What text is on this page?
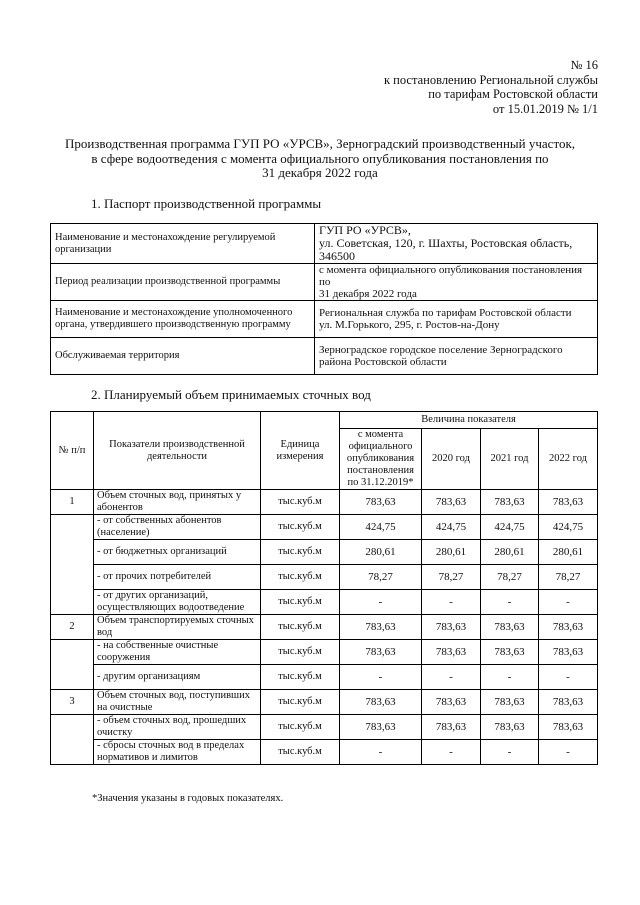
№ 16
к постановлению Региональной службы
по тарифам Ростовской области
от 15.01.2019 № 1/1
Производственная программа ГУП РО «УРСВ», Зерноградский производственный участок,
в сфере водоотведения с момента официального опубликования постановления по
31 декабря 2022 года
1. Паспорт производственной программы
Наименование и местонахождение регулируемой организации	ГУП РО «УРСВ»,
ул. Советская, 120, г. Шахты, Ростовская область,
346500

Период реализации производственной программы	с момента официального опубликования постановления по
31 декабря 2022 года

Наименование и местонахождение уполномоченного органа, утвердившего производственную программу	Региональная служба по тарифам Ростовской области
ул. М.Горького, 295, г. Ростов-на-Дону

Обслуживаемая территория	Зерноградское городское поселение Зерноградского
района Ростовской области
2. Планируемый объем принимаемых сточных вод
№ п/п	Показатели производственной деятельности	Единица измерения	Величина показателя			
			с момента официального опубликования постановления по 31.12.2019*	2020 год	2021 год	2022 год
1	Объем сточных вод, принятых у абонентов	тыс.куб.м	783,63	783,63	783,63	783,63
	- от собственных абонентов (население)	тыс.куб.м	424,75	424,75	424,75	424,75
	- от бюджетных организаций	тыс.куб.м	280,61	280,61	280,61	280,61
	- от прочих потребителей	тыс.куб.м	78,27	78,27	78,27	78,27
	- от других организаций, осуществляющих водоотведение	тыс.куб.м	-	-	-	-
2	Объем транспортируемых сточных вод	тыс.куб.м	783,63	783,63	783,63	783,63
	- на собственные очистные сооружения	тыс.куб.м	783,63	783,63	783,63	783,63
	- другим организациям	тыс.куб.м	-	-	-	-
3	Объем сточных вод, поступивших на очистные	тыс.куб.м	783,63	783,63	783,63	783,63
	- объем сточных вод, прошедших очистку	тыс.куб.м	783,63	783,63	783,63	783,63
	- сбросы сточных вод в пределах нормативов и лимитов	тыс.куб.м	-	-	-	-
*Значения указаны в годовых показателях.
